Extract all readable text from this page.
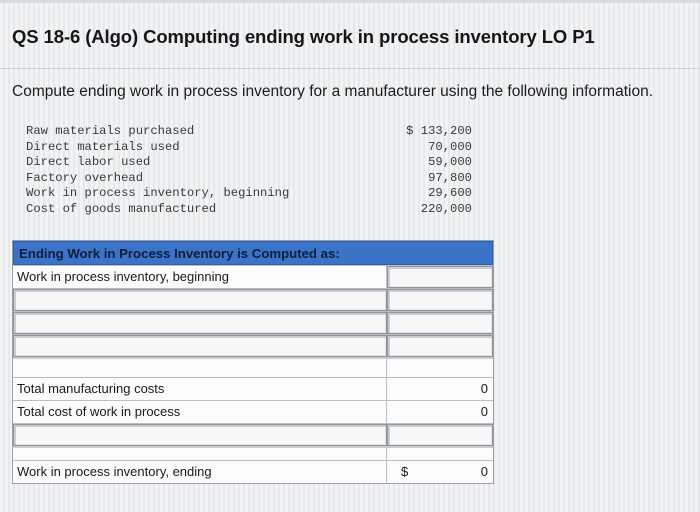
QS 18-6 (Algo) Computing ending work in process inventory LO P1
Compute ending work in process inventory for a manufacturer using the following information.
Raw materials purchased	$ 133,200
Direct materials used	70,000
Direct labor used	59,000
Factory overhead	97,800
Work in process inventory, beginning	29,600
Cost of goods manufactured	220,000
Ending Work in Process Inventory is Computed as:
Work in process inventory, beginning
Total manufacturing costs	0
Total cost of work in process	0
Work in process inventory, ending	$	0
